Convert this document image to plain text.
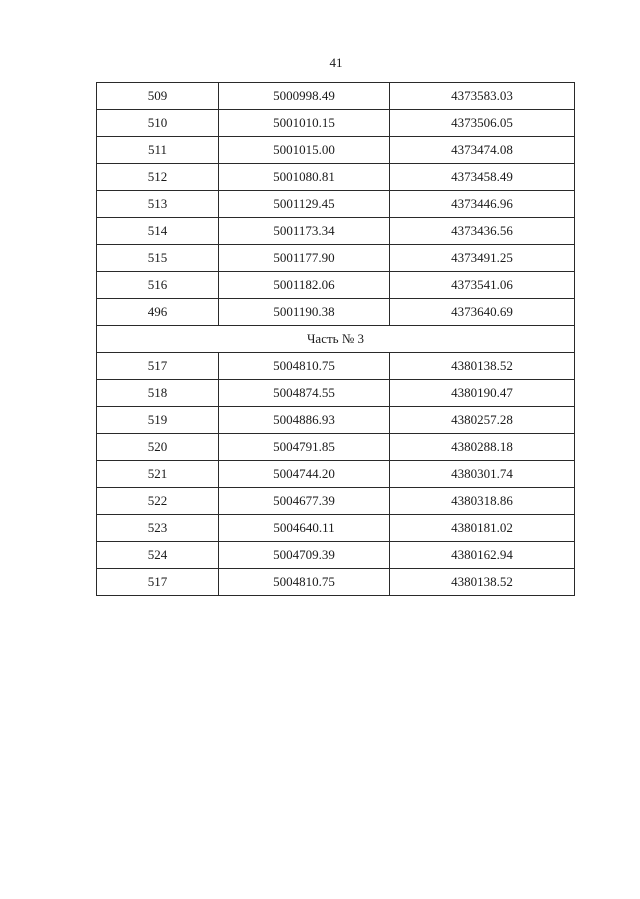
41
509	5000998.49	4373583.03
510	5001010.15	4373506.05
511	5001015.00	4373474.08
512	5001080.81	4373458.49
513	5001129.45	4373446.96
514	5001173.34	4373436.56
515	5001177.90	4373491.25
516	5001182.06	4373541.06
496	5001190.38	4373640.69
Часть № 3		
517	5004810.75	4380138.52
518	5004874.55	4380190.47
519	5004886.93	4380257.28
520	5004791.85	4380288.18
521	5004744.20	4380301.74
522	5004677.39	4380318.86
523	5004640.11	4380181.02
524	5004709.39	4380162.94
517	5004810.75	4380138.52
